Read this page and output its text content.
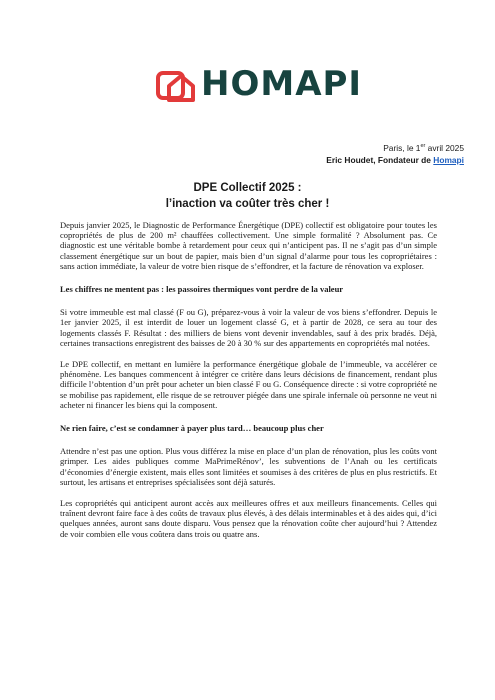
HOMAPI
Paris, le 1er avril 2025
Eric Houdet, Fondateur de Homapi
DPE Collectif 2025 :
l’inaction va coûter très cher !

Depuis janvier 2025, le Diagnostic de Performance Énergétique (DPE) collectif est obligatoire pour toutes les copropriétés de plus de 200 m² chauffées collectivement. Une simple formalité ? Absolument pas. Ce diagnostic est une véritable bombe à retardement pour ceux qui n’anticipent pas. Il ne s’agit pas d’un simple classement énergétique sur un bout de papier, mais bien d’un signal d’alarme pour tous les copropriétaires : sans action immédiate, la valeur de votre bien risque de s’effondrer, et la facture de rénovation va exploser.

Les chiffres ne mentent pas : les passoires thermiques vont perdre de la valeur

Si votre immeuble est mal classé (F ou G), préparez-vous à voir la valeur de vos biens s’effondrer. Depuis le 1er janvier 2025, il est interdit de louer un logement classé G, et à partir de 2028, ce sera au tour des logements classés F. Résultat : des milliers de biens vont devenir invendables, sauf à des prix bradés. Déjà, certaines transactions enregistrent des baisses de 20 à 30 % sur des appartements en copropriétés mal notées.

Le DPE collectif, en mettant en lumière la performance énergétique globale de l’immeuble, va accélérer ce phénomène. Les banques commencent à intégrer ce critère dans leurs décisions de financement, rendant plus difficile l’obtention d’un prêt pour acheter un bien classé F ou G. Conséquence directe : si votre copropriété ne se mobilise pas rapidement, elle risque de se retrouver piégée dans une spirale infernale où personne ne veut ni acheter ni financer les biens qui la composent.

Ne rien faire, c’est se condamner à payer plus tard… beaucoup plus cher

Attendre n’est pas une option. Plus vous différez la mise en place d’un plan de rénovation, plus les coûts vont grimper. Les aides publiques comme MaPrimeRénov’, les subventions de l’Anah ou les certificats d’économies d’énergie existent, mais elles sont limitées et soumises à des critères de plus en plus restrictifs. Et surtout, les artisans et entreprises spécialisées sont déjà saturés.

Les copropriétés qui anticipent auront accès aux meilleures offres et aux meilleurs financements. Celles qui traînent devront faire face à des coûts de travaux plus élevés, à des délais interminables et à des aides qui, d’ici quelques années, auront sans doute disparu. Vous pensez que la rénovation coûte cher aujourd’hui ? Attendez de voir combien elle vous coûtera dans trois ou quatre ans.
